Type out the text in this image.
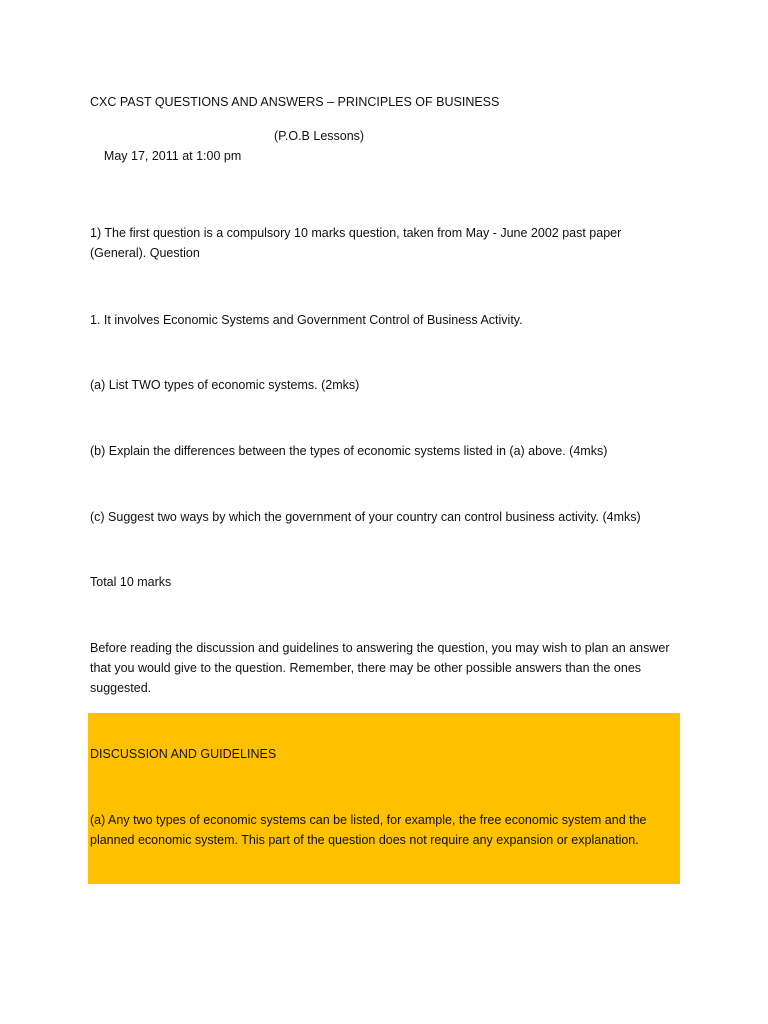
CXC PAST QUESTIONS AND ANSWERS – PRINCIPLES OF BUSINESS

May 17, 2011 at 1:00 pm

(P.O.B Lessons)

1) The first question is a compulsory 10 marks question, taken from May - June 2002 past paper

(General). Question

1. It involves Economic Systems and Government Control of Business Activity.

(a) List TWO types of economic systems. (2mks)

(b) Explain the differences between the types of economic systems listed in (a) above. (4mks)

(c) Suggest two ways by which the government of your country can control business activity. (4mks)

Total 10 marks

Before reading the discussion and guidelines to answering the question, you may wish to plan an answer

that you would give to the question. Remember, there may be other possible answers than the ones

suggested.

DISCUSSION AND GUIDELINES

(a) Any two types of economic systems can be listed, for example, the free economic system and the

planned economic system. This part of the question does not require any expansion or explanation.
